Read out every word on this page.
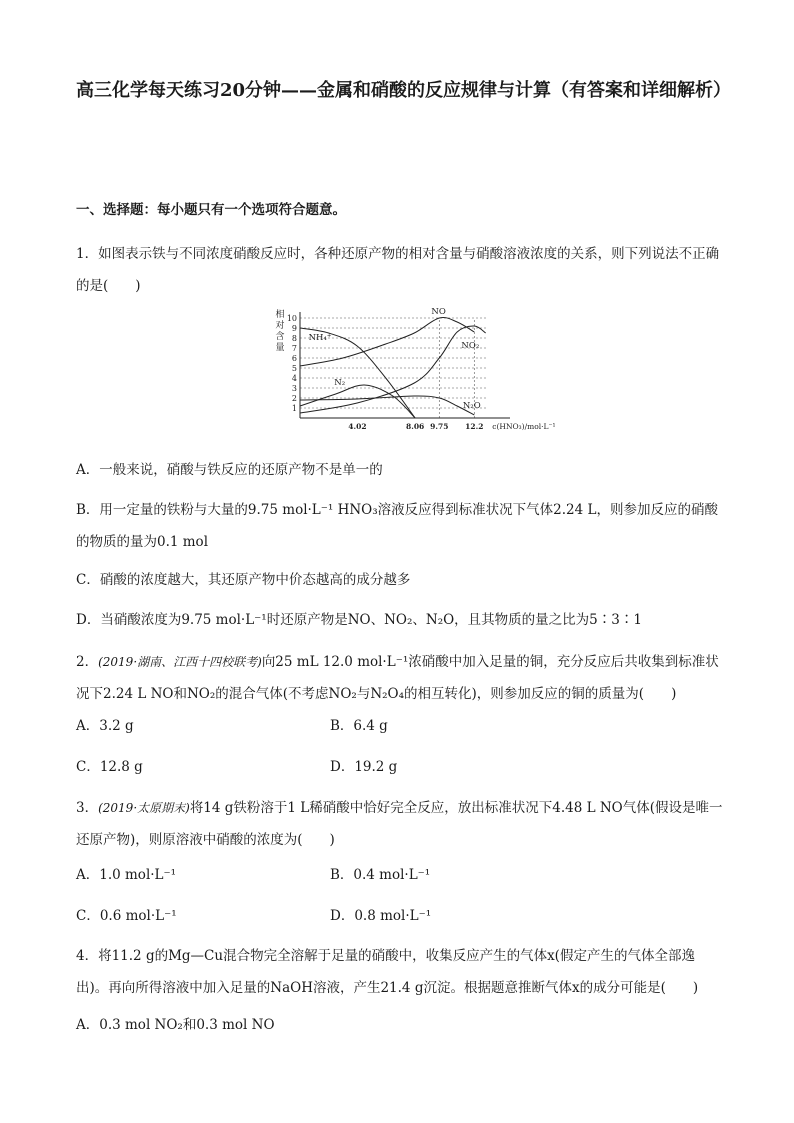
高三化学每天练习20分钟——金属和硝酸的反应规律与计算（有答案和详细解析）
一、选择题：每小题只有一个选项符合题意。
1．如图表示铁与不同浓度硝酸反应时，各种还原产物的相对含量与硝酸溶液浓度的关系，则下列说法不正确的是(　　)
1
2
3
4
5
6
7
8
9
10
4.02	8.06 9.75 12.2 c(HNO₃)/mol·L⁻¹
相
对
含
量
NO
NO₂
N₂O
NH₄⁺
N₂
A．一般来说，硝酸与铁反应的还原产物不是单一的
B．用一定量的铁粉与大量的9.75 mol·L⁻¹ HNO₃溶液反应得到标准状况下气体2.24 L，则参加反应的硝酸的物质的量为0.1 mol
C．硝酸的浓度越大，其还原产物中价态越高的成分越多
D．当硝酸浓度为9.75 mol·L⁻¹时还原产物是NO、NO₂、N₂O，且其物质的量之比为5∶3∶1
2．(2019·湖南、江西十四校联考)向25 mL 12.0 mol·L⁻¹浓硝酸中加入足量的铜，充分反应后共收集到标准状况下2.24 L NO和NO₂的混合气体(不考虑NO₂与N₂O₄的相互转化)，则参加反应的铜的质量为(　　)
A．3.2 g	B．6.4 g
C．12.8 g	D．19.2 g
3．(2019·太原期末)将14 g铁粉溶于1 L稀硝酸中恰好完全反应，放出标准状况下4.48 L NO气体(假设是唯一还原产物)，则原溶液中硝酸的浓度为(　　)
A．1.0 mol·L⁻¹	B．0.4 mol·L⁻¹
C．0.6 mol·L⁻¹	D．0.8 mol·L⁻¹
4．将11.2 g的Mg—Cu混合物完全溶解于足量的硝酸中，收集反应产生的气体x(假定产生的气体全部逸出)。再向所得溶液中加入足量的NaOH溶液，产生21.4 g沉淀。根据题意推断气体x的成分可能是(　　)
A．0.3 mol NO₂和0.3 mol NO
